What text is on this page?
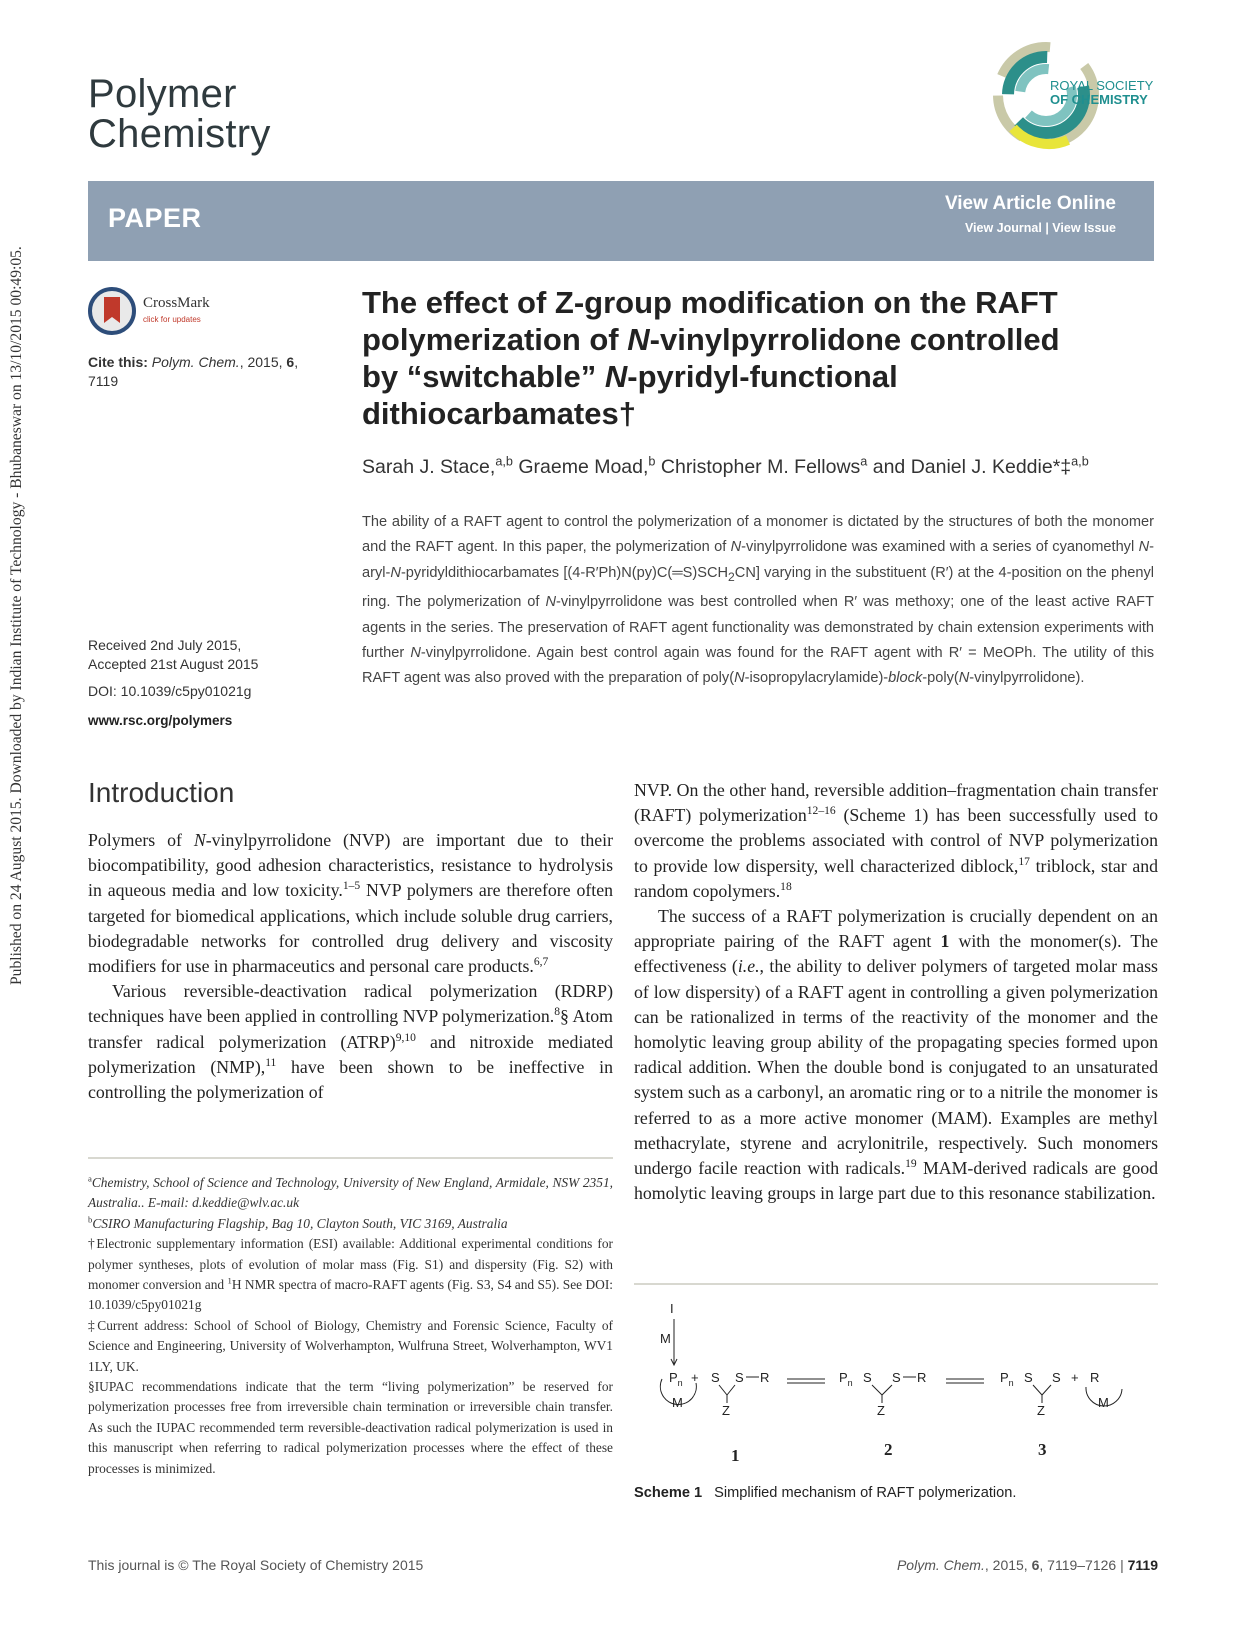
Published on 24 August 2015. Downloaded by Indian Institute of Technology - Bhubaneswar on 13/10/2015 00:49:05.
Polymer
Chemistry
ROYAL SOCIETY
OF CHEMISTRY
PAPER	View Article Online
View Journal | View Issue
CrossMark
click for updates
Cite this: Polym. Chem., 2015, 6,
7119
Received 2nd July 2015,
Accepted 21st August 2015
DOI: 10.1039/c5py01021g
www.rsc.org/polymers
The effect of Z-group modification on the RAFT
polymerization of N-vinylpyrrolidone controlled
by “switchable” N-pyridyl-functional
dithiocarbamates†
Sarah J. Stace,$^{a,b}$ Graeme Moad,$^b$ Christopher M. Fellows$^a$ and Daniel J. Keddie*‡$^{a,b}$
The ability of a RAFT agent to control the polymerization of a monomer is dictated by the structures of both the monomer and the RAFT agent. In this paper, the polymerization of N-vinylpyrrolidone was examined with a series of cyanomethyl N-aryl-N-pyridyldithiocarbamates $[(4-R'Ph)N(py)C(═S)SCH_2CN]$ varying in the substituent (R′) at the 4-position on the phenyl ring. The polymerization of N-vinylpyrrolidone was best controlled when R′ was methoxy; one of the least active RAFT agents in the series. The preservation of RAFT agent functionality was demonstrated by chain extension experiments with further N-vinylpyrrolidone. Again best control again was found for the RAFT agent with R′ = MeOPh. The utility of this RAFT agent was also proved with the preparation of poly(N-isopropylacrylamide)-block-poly(N-vinylpyrrolidone).
Introduction

Polymers of N-vinylpyrrolidone (NVP) are important due to their biocompatibility, good adhesion characteristics, resistance to hydrolysis in aqueous media and low toxicity.$^{1-5}$ NVP polymers are therefore often targeted for biomedical applications, which include soluble drug carriers, biodegradable networks for controlled drug delivery and viscosity modifiers for use in pharmaceutics and personal care products.$^{6,7}$

Various reversible-deactivation radical polymerization (RDRP) techniques have been applied in controlling NVP polymerization.$^8$§ Atom transfer radical polymerization (ATRP)$^{9,10}$ and nitroxide mediated polymerization (NMP),$^{11}$ have been shown to be ineffective in controlling the polymerization of

NVP. On the other hand, reversible addition–fragmentation chain transfer (RAFT) polymerization$^{12-16}$ (Scheme 1) has been successfully used to overcome the problems associated with control of NVP polymerization to provide low dispersity, well characterized diblock,$^{17}$ triblock, star and random copolymers.$^{18}$

The success of a RAFT polymerization is crucially dependent on an appropriate pairing of the RAFT agent 1 with the monomer(s). The effectiveness (i.e., the ability to deliver polymers of targeted molar mass of low dispersity) of a RAFT agent in controlling a given polymerization can be rationalized in terms of the reactivity of the monomer and the homolytic leaving group ability of the propagating species formed upon radical addition. When the double bond is conjugated to an unsaturated system such as a carbonyl, an aromatic ring or to a nitrile the monomer is referred to as a more active monomer (MAM). Examples are methyl methacrylate, styrene and acrylonitrile, respectively. Such monomers undergo facile reaction with radicals.$^{19}$ MAM-derived radicals are good homolytic leaving groups in large part due to this resonance stabilization.

$^a$Chemistry, School of Science and Technology, University of New England, Armidale, NSW 2351, Australia.. E-mail: d.keddie@wlv.ac.uk

$^b$CSIRO Manufacturing Flagship, Bag 10, Clayton South, VIC 3169, Australia

†Electronic supplementary information (ESI) available: Additional experimental conditions for polymer syntheses, plots of evolution of molar mass (Fig. S1) and dispersity (Fig. S2) with monomer conversion and $^1$H NMR spectra of macro-RAFT agents (Fig. S3, S4 and S5). See DOI: 10.1039/c5py01021g

‡Current address: School of School of Biology, Chemistry and Forensic Science, Faculty of Science and Engineering, University of Wolverhampton, Wulfruna Street, Wolverhampton, WV1 1LY, UK.

§IUPAC recommendations indicate that the term “living polymerization” be reserved for polymerization processes free from irreversible chain termination or irreversible chain transfer. As such the IUPAC recommended term reversible-deactivation radical polymerization is used in this manuscript when referring to radical polymerization processes where the effect of these processes is minimized.

I
M
$P_n$ +
M
S S R
Z
$P_n$ S S R
Z
$P_n$ S S + R
Z
M
1	2	3
Scheme 1 Simplified mechanism of RAFT polymerization.
This journal is © The Royal Society of Chemistry 2015	Polym. Chem., 2015, 6, 7119–7126 | 7119
